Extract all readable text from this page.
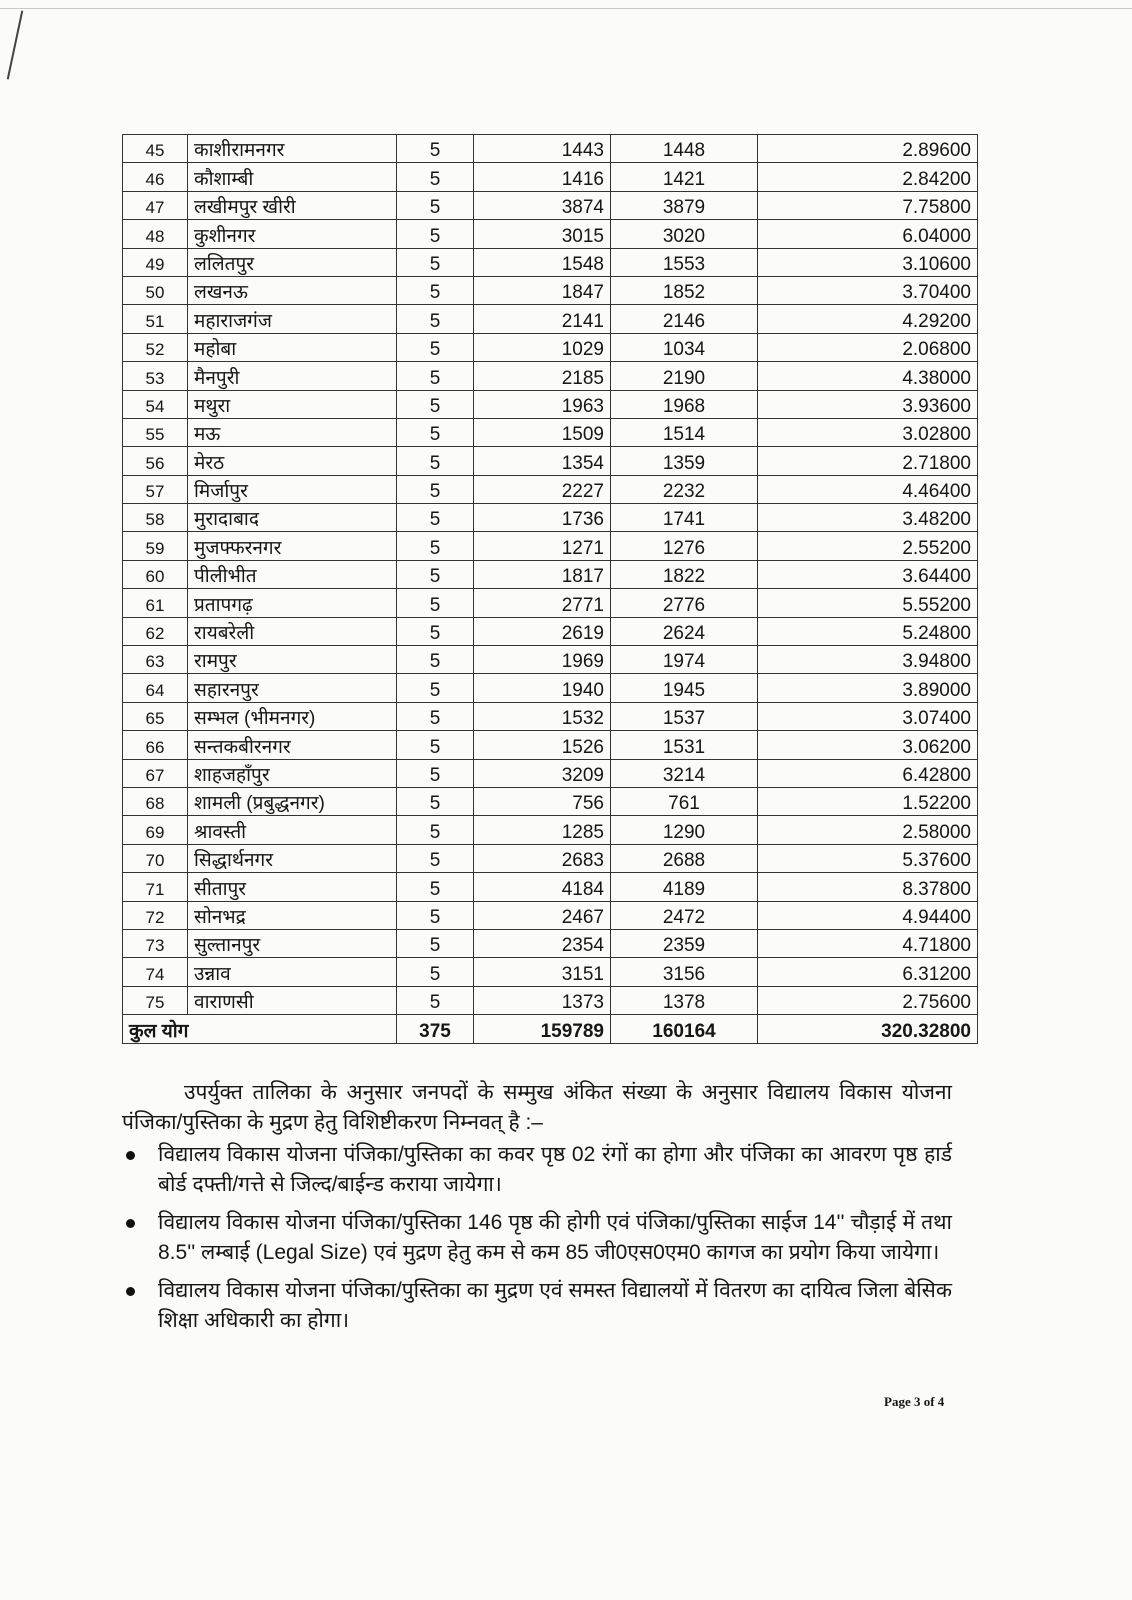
45	काशीरामनगर	5	1443	1448	2.89600
46	कौशाम्बी	5	1416	1421	2.84200
47	लखीमपुर खीरी	5	3874	3879	7.75800
48	कुशीनगर	5	3015	3020	6.04000
49	ललितपुर	5	1548	1553	3.10600
50	लखनऊ	5	1847	1852	3.70400
51	महाराजगंज	5	2141	2146	4.29200
52	महोबा	5	1029	1034	2.06800
53	मैनपुरी	5	2185	2190	4.38000
54	मथुरा	5	1963	1968	3.93600
55	मऊ	5	1509	1514	3.02800
56	मेरठ	5	1354	1359	2.71800
57	मिर्जापुर	5	2227	2232	4.46400
58	मुरादाबाद	5	1736	1741	3.48200
59	मुजफ्फरनगर	5	1271	1276	2.55200
60	पीलीभीत	5	1817	1822	3.64400
61	प्रतापगढ़	5	2771	2776	5.55200
62	रायबरेली	5	2619	2624	5.24800
63	रामपुर	5	1969	1974	3.94800
64	सहारनपुर	5	1940	1945	3.89000
65	सम्भल (भीमनगर)	5	1532	1537	3.07400
66	सन्तकबीरनगर	5	1526	1531	3.06200
67	शाहजहाँपुर	5	3209	3214	6.42800
68	शामली (प्रबुद्धनगर)	5	756	761	1.52200
69	श्रावस्ती	5	1285	1290	2.58000
70	सिद्धार्थनगर	5	2683	2688	5.37600
71	सीतापुर	5	4184	4189	8.37800
72	सोनभद्र	5	2467	2472	4.94400
73	सुल्तानपुर	5	2354	2359	4.71800
74	उन्नाव	5	3151	3156	6.31200
75	वाराणसी	5	1373	1378	2.75600
कुल योग		375	159789	160164	320.32800

उपर्युक्त तालिका के अनुसार जनपदों के सम्मुख अंकित संख्या के अनुसार विद्यालय विकास योजना पंजिका/पुस्तिका के मुद्रण हेतु विशिष्टीकरण निम्नवत् है :–

विद्यालय विकास योजना पंजिका/पुस्तिका का कवर पृष्ठ 02 रंगों का होगा और पंजिका का आवरण पृष्ठ हार्ड बोर्ड दफ्ती/गत्ते से जिल्द/बाईन्ड कराया जायेगा।
विद्यालय विकास योजना पंजिका/पुस्तिका 146 पृष्ठ की होगी एवं पंजिका/पुस्तिका साईज 14'' चौड़ाई में तथा 8.5'' लम्बाई (Legal Size) एवं मुद्रण हेतु कम से कम 85 जी0एस0एम0 कागज का प्रयोग किया जायेगा।
विद्यालय विकास योजना पंजिका/पुस्तिका का मुद्रण एवं समस्त विद्यालयों में वितरण का दायित्व जिला बेसिक शिक्षा अधिकारी का होगा।
Page 3 of 4
